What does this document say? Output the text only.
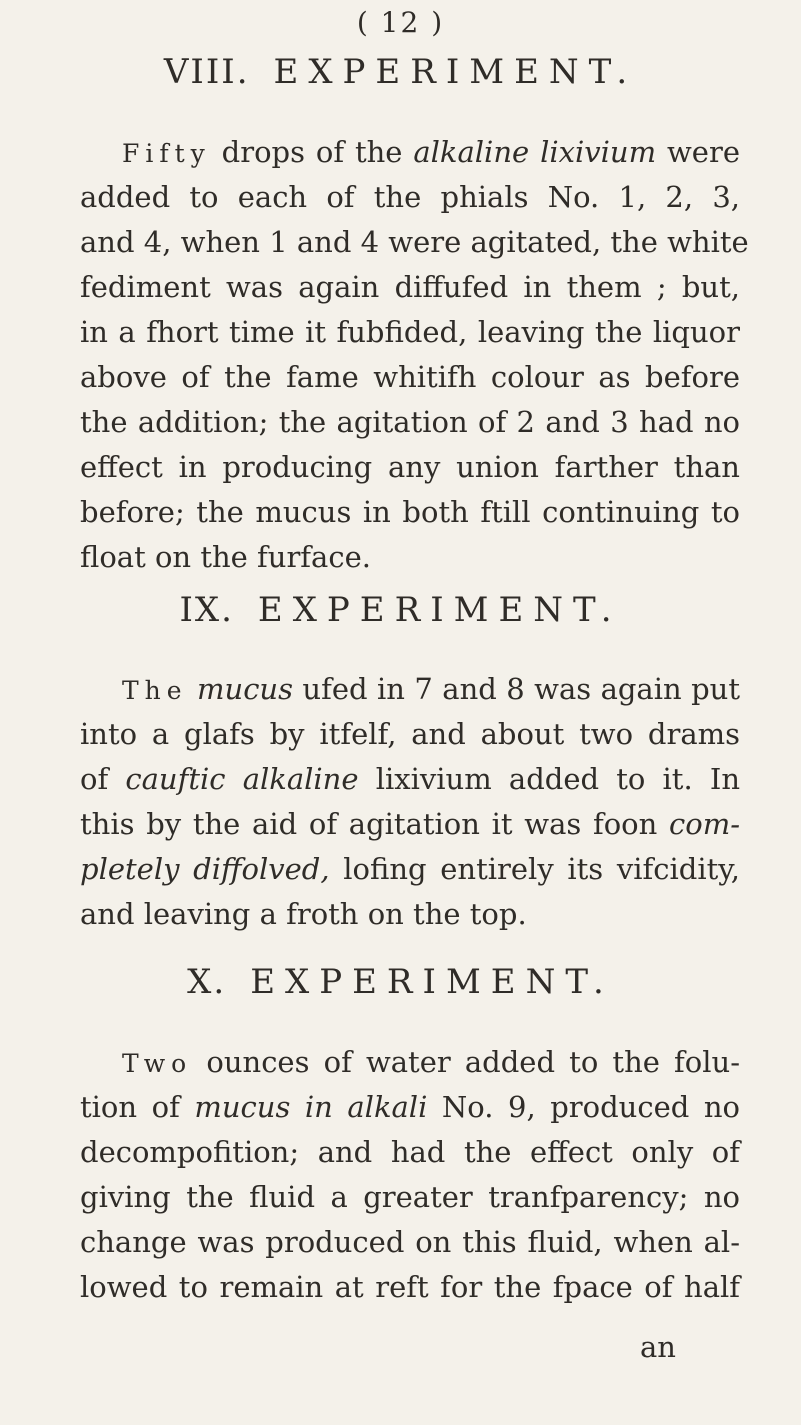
( 12 )
VIII. EXPERIMENT.
Fifty drops of the alkaline lixivium were
added to each of the phials No. 1, 2, 3,
and 4, when 1 and 4 were agitated, the white
fediment was again diffufed in them ; but,
in a fhort time it fubfided, leaving the liquor
above of the fame whitifh colour as before
the addition; the agitation of 2 and 3 had no
effect in producing any union farther than
before; the mucus in both ftill continuing to
float on the furface.
IX. EXPERIMENT.
The mucus ufed in 7 and 8 was again put
into a glafs by itfelf, and about two drams
of cauftic alkaline lixivium added to it. In
this by the aid of agitation it was foon com-
pletely diffolved, lofing entirely its vifcidity,
and leaving a froth on the top.
X. EXPERIMENT.
Two ounces of water added to the folu-
tion of mucus in alkali No. 9, produced no
decompofition; and had the effect only of
giving the fluid a greater tranfparency; no
change was produced on this fluid, when al-
lowed to remain at reft for the fpace of half
an
